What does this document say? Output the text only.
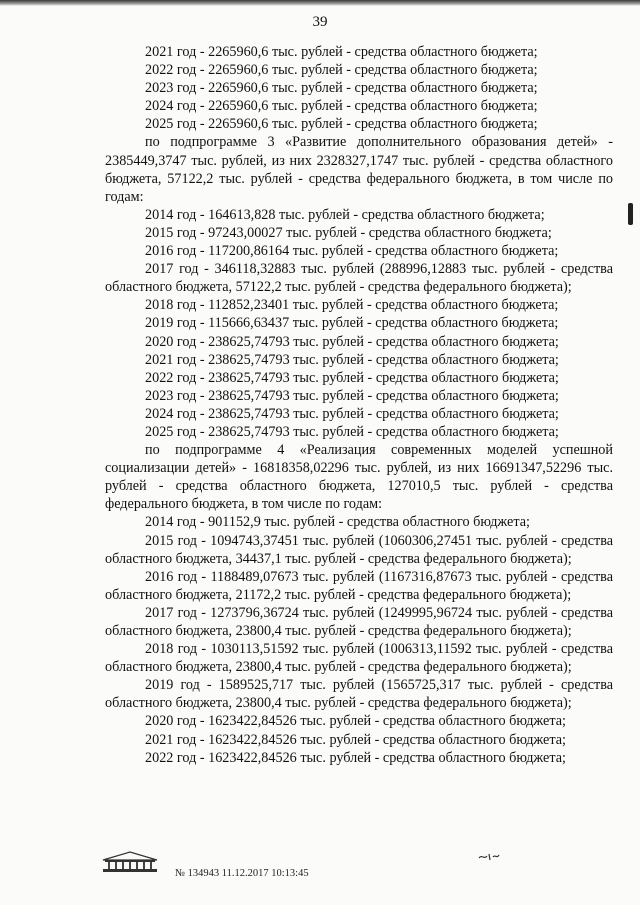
39

2021 год - 2265960,6 тыс. рублей - средства областного бюджета;

2022 год - 2265960,6 тыс. рублей - средства областного бюджета;

2023 год - 2265960,6 тыс. рублей - средства областного бюджета;

2024 год - 2265960,6 тыс. рублей - средства областного бюджета;

2025 год - 2265960,6 тыс. рублей - средства областного бюджета;

по подпрограмме 3 «Развитие дополнительного образования детей» - 2385449,3747 тыс. рублей, из них 2328327,1747 тыс. рублей - средства областного бюджета, 57122,2 тыс. рублей - средства федерального бюджета, в том числе по годам:

2014 год - 164613,828 тыс. рублей - средства областного бюджета;

2015 год - 97243,00027 тыс. рублей - средства областного бюджета;

2016 год - 117200,86164 тыс. рублей - средства областного бюджета;

2017 год - 346118,32883 тыс. рублей (288996,12883 тыс. рублей - средства областного бюджета, 57122,2 тыс. рублей - средства федерального бюджета);

2018 год - 112852,23401 тыс. рублей - средства областного бюджета;

2019 год - 115666,63437 тыс. рублей - средства областного бюджета;

2020 год - 238625,74793 тыс. рублей - средства областного бюджета;

2021 год - 238625,74793 тыс. рублей - средства областного бюджета;

2022 год - 238625,74793 тыс. рублей - средства областного бюджета;

2023 год - 238625,74793 тыс. рублей - средства областного бюджета;

2024 год - 238625,74793 тыс. рублей - средства областного бюджета;

2025 год - 238625,74793 тыс. рублей - средства областного бюджета;

по подпрограмме 4 «Реализация современных моделей успешной социализации детей» - 16818358,02296 тыс. рублей, из них 16691347,52296 тыс. рублей - средства областного бюджета, 127010,5 тыс. рублей - средства федерального бюджета, в том числе по годам:

2014 год - 901152,9 тыс. рублей - средства областного бюджета;

2015 год - 1094743,37451 тыс. рублей (1060306,27451 тыс. рублей - средства областного бюджета, 34437,1 тыс. рублей - средства федерального бюджета);

2016 год - 1188489,07673 тыс. рублей (1167316,87673 тыс. рублей - средства областного бюджета, 21172,2 тыс. рублей - средства федерального бюджета);

2017 год - 1273796,36724 тыс. рублей (1249995,96724 тыс. рублей - средства областного бюджета, 23800,4 тыс. рублей - средства федерального бюджета);

2018 год - 1030113,51592 тыс. рублей (1006313,11592 тыс. рублей - средства областного бюджета, 23800,4 тыс. рублей - средства федерального бюджета);

2019 год - 1589525,717 тыс. рублей (1565725,317 тыс. рублей - средства областного бюджета, 23800,4 тыс. рублей - средства федерального бюджета);

2020 год - 1623422,84526 тыс. рублей - средства областного бюджета;

2021 год - 1623422,84526 тыс. рублей - средства областного бюджета;

2022 год - 1623422,84526 тыс. рублей - средства областного бюджета;

№ 134943 11.12.2017 10:13:45
